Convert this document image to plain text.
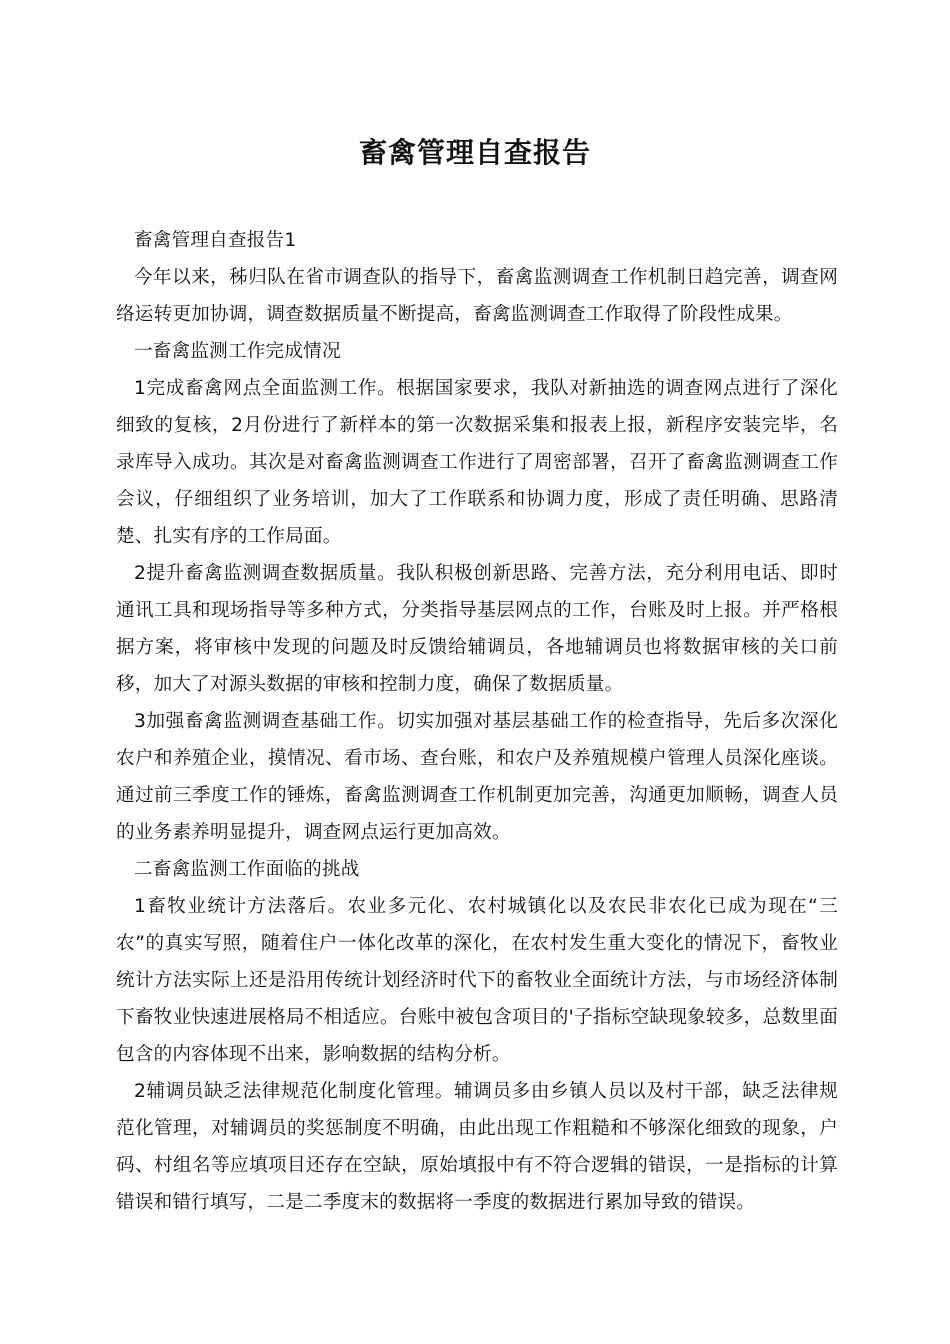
畜禽管理自查报告

畜禽管理自查报告1

今年以来，秭归队在省市调查队的指导下，畜禽监测调查工作机制日趋完善，调查网络运转更加协调，调查数据质量不断提高，畜禽监测调查工作取得了阶段性成果。

一畜禽监测工作完成情况

1完成畜禽网点全面监测工作。根据国家要求，我队对新抽选的调查网点进行了深化细致的复核，2月份进行了新样本的第一次数据采集和报表上报，新程序安装完毕，名录库导入成功。其次是对畜禽监测调查工作进行了周密部署，召开了畜禽监测调查工作会议，仔细组织了业务培训，加大了工作联系和协调力度，形成了责任明确、思路清楚、扎实有序的工作局面。

2提升畜禽监测调查数据质量。我队积极创新思路、完善方法，充分利用电话、即时通讯工具和现场指导等多种方式，分类指导基层网点的工作，台账及时上报。并严格根据方案，将审核中发现的问题及时反馈给辅调员，各地辅调员也将数据审核的关口前移，加大了对源头数据的审核和控制力度，确保了数据质量。

3加强畜禽监测调查基础工作。切实加强对基层基础工作的检查指导，先后多次深化农户和养殖企业，摸情况、看市场、查台账，和农户及养殖规模户管理人员深化座谈。通过前三季度工作的锤炼，畜禽监测调查工作机制更加完善，沟通更加顺畅，调查人员的业务素养明显提升，调查网点运行更加高效。

二畜禽监测工作面临的挑战

1畜牧业统计方法落后。农业多元化、农村城镇化以及农民非农化已成为现在“三农”的真实写照，随着住户一体化改革的深化，在农村发生重大变化的情况下，畜牧业统计方法实际上还是沿用传统计划经济时代下的畜牧业全面统计方法，与市场经济体制下畜牧业快速进展格局不相适应。台账中被包含项目的'子指标空缺现象较多，总数里面包含的内容体现不出来，影响数据的结构分析。

2辅调员缺乏法律规范化制度化管理。辅调员多由乡镇人员以及村干部，缺乏法律规范化管理，对辅调员的奖惩制度不明确，由此出现工作粗糙和不够深化细致的现象，户码、村组名等应填项目还存在空缺，原始填报中有不符合逻辑的错误，一是指标的计算错误和错行填写，二是二季度末的数据将一季度的数据进行累加导致的错误。
